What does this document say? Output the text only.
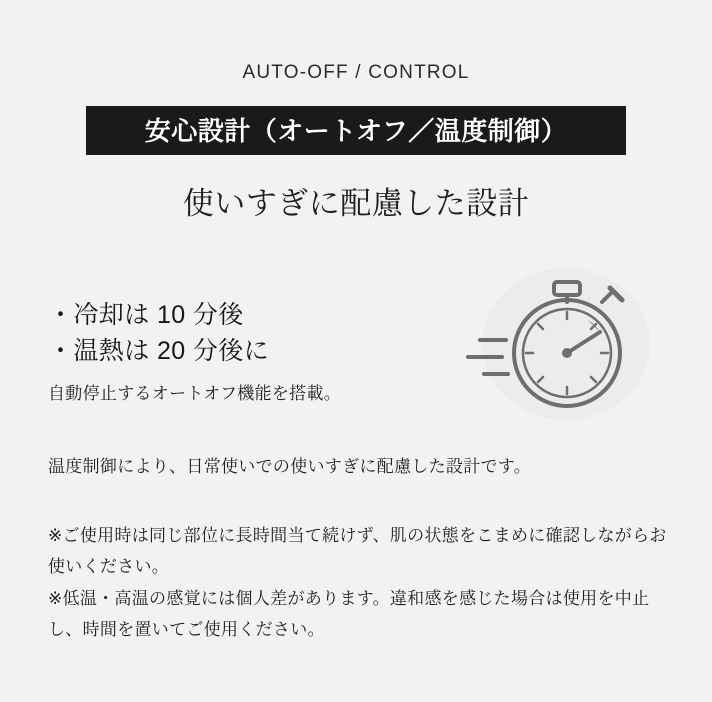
AUTO-OFF / CONTROL
安心設計（オートオフ／温度制御）
使いすぎに配慮した設計
・冷却は 10 分後
・温熱は 20 分後に
自動停止するオートオフ機能を搭載。
温度制御により、日常使いでの使いすぎに配慮した設計です。
※ご使用時は同じ部位に長時間当て続けず、肌の状態をこまめに確認しながらお使いください。
※低温・高温の感覚には個人差があります。違和感を感じた場合は使用を中止し、時間を置いてご使用ください。
